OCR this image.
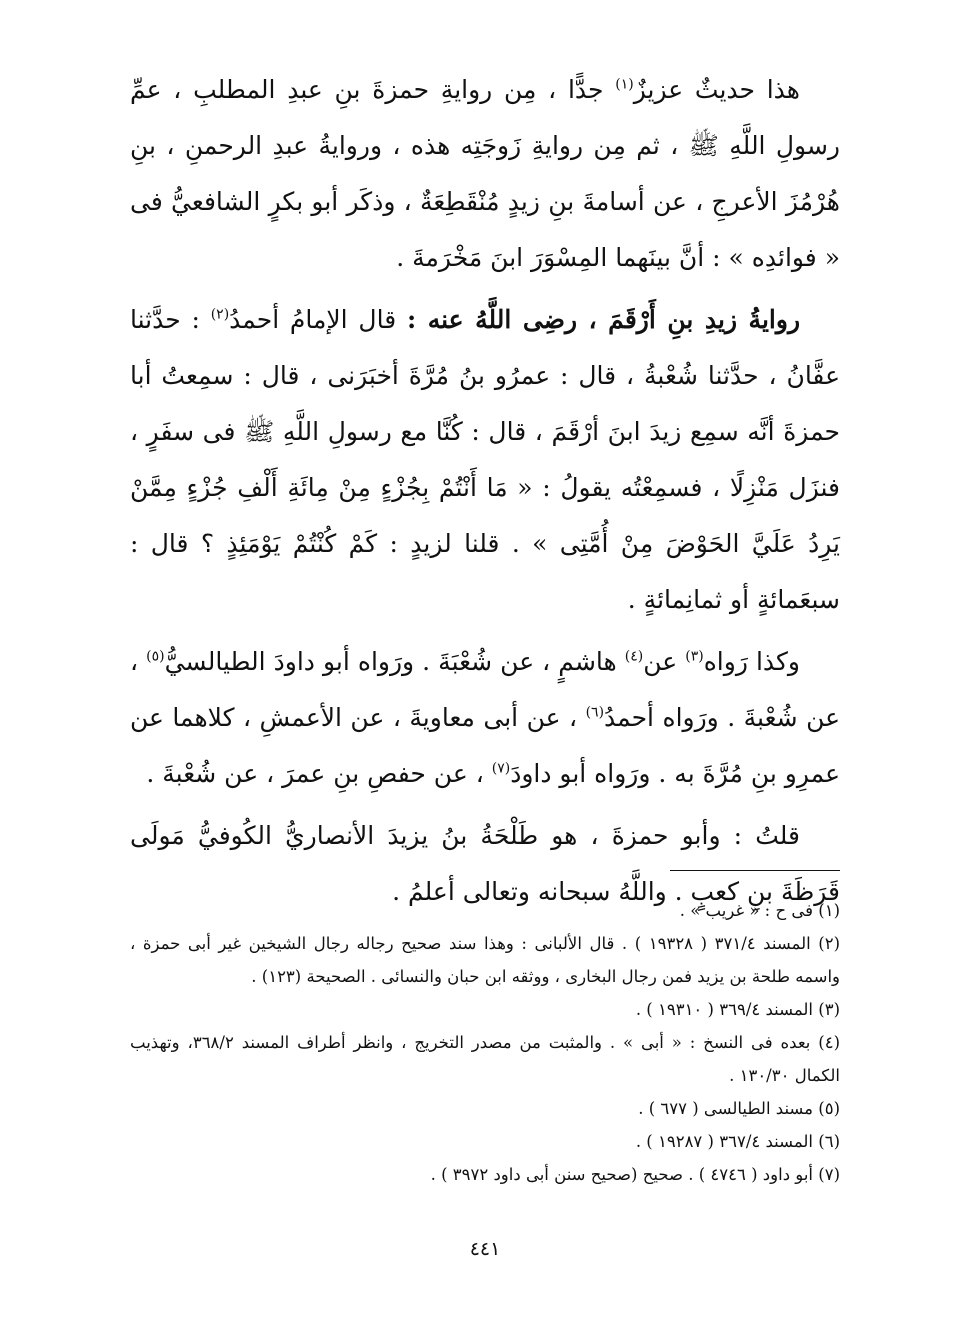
هذا حديثٌ عزيزٌ$^{(١)}$ جدًّا ، مِن روايةِ حمزةَ بنِ عبدِ المطلبِ ، عمِّ رسولِ اللَّهِ ﷺ ، ثم مِن روايةِ زَوجَتِه هذه ، وروايةُ عبدِ الرحمنِ ، بنِ هُرْمُزَ الأعرجِ ، عن أسامةَ بنِ زيدٍ مُنْقَطِعَةٌ ، وذكَر أبو بكرٍ الشافعيُّ فى « فوائدِه » : أنَّ بينَهما المِسْوَرَ ابنَ مَخْرَمةَ .

روايةُ زيدِ بنِ أَرْقَمَ ، رضِى اللَّهُ عنه : قال الإمامُ أحمدُ$^{(٢)}$ : حدَّثنا عفَّانُ ، حدَّثنا شُعْبةُ ، قال : عمرُو بنُ مُرَّةَ أخبَرَنى ، قال : سمِعتُ أبا حمزةَ أنَّه سمِع زيدَ ابنَ أرْقَمَ ، قال : كُنَّا مع رسولِ اللَّهِ ﷺ فى سفَرٍ ، فنزَل مَنْزِلًا ، فسمِعْتُه يقولُ : « مَا أَنْتُمْ بِجُزْءٍ مِنْ مِائَةِ أَلْفِ جُزْءٍ مِمَّنْ يَرِدُ عَلَيَّ الحَوْضَ مِنْ أُمَّتِى » . قلنا لزيدٍ : كَمْ كُنْتُمْ يَوْمَئِذٍ ؟ قال : سبعَمائةٍ أو ثمانِمائةٍ .

وكذا رَواه$^{(٣)}$ عن$^{(٤)}$ هاشمٍ ، عن شُعْبَةَ . ورَواه أبو داودَ الطيالسيُّ$^{(٥)}$ ، عن شُعْبةَ . ورَواه أحمدُ$^{(٦)}$ ، عن أبى معاويةَ ، عن الأعمشِ ، كلاهما عن عمرِو بنِ مُرَّةَ به . ورَواه أبو داودَ$^{(٧)}$ ، عن حفصِ بنِ عمرَ ، عن شُعْبةَ .

قلتُ : وأبو حمزةَ ، هو طَلْحَةُ بنُ يزيدَ الأنصاريُّ الكُوفيُّ مَولَى قَرَظَةَ بنِ كعبٍ . واللَّهُ سبحانه وتعالى أعلمُ .

(١) فى ح : « غريب » .
(٢) المسند ٣٧١/٤ ( ١٩٣٢٨ ) . قال الألبانى : وهذا سند صحيح رجاله رجال الشيخين غير أبى حمزة ، واسمه طلحة بن يزيد فمن رجال البخارى ، ووثقه ابن حبان والنسائى . الصحيحة (١٢٣) .
(٣) المسند ٣٦٩/٤ ( ١٩٣١٠ ) .
(٤) بعده فى النسخ : « أبى » . والمثبت من مصدر التخريج ، وانظر أطراف المسند ٣٦٨/٢، وتهذيب الكمال ١٣٠/٣٠ .
(٥) مسند الطيالسى ( ٦٧٧ ) .
(٦) المسند ٣٦٧/٤ ( ١٩٢٨٧ ) .
(٧) أبو داود ( ٤٧٤٦ ) . صحيح (صحيح سنن أبى داود ٣٩٧٢ ) .
٤٤١
